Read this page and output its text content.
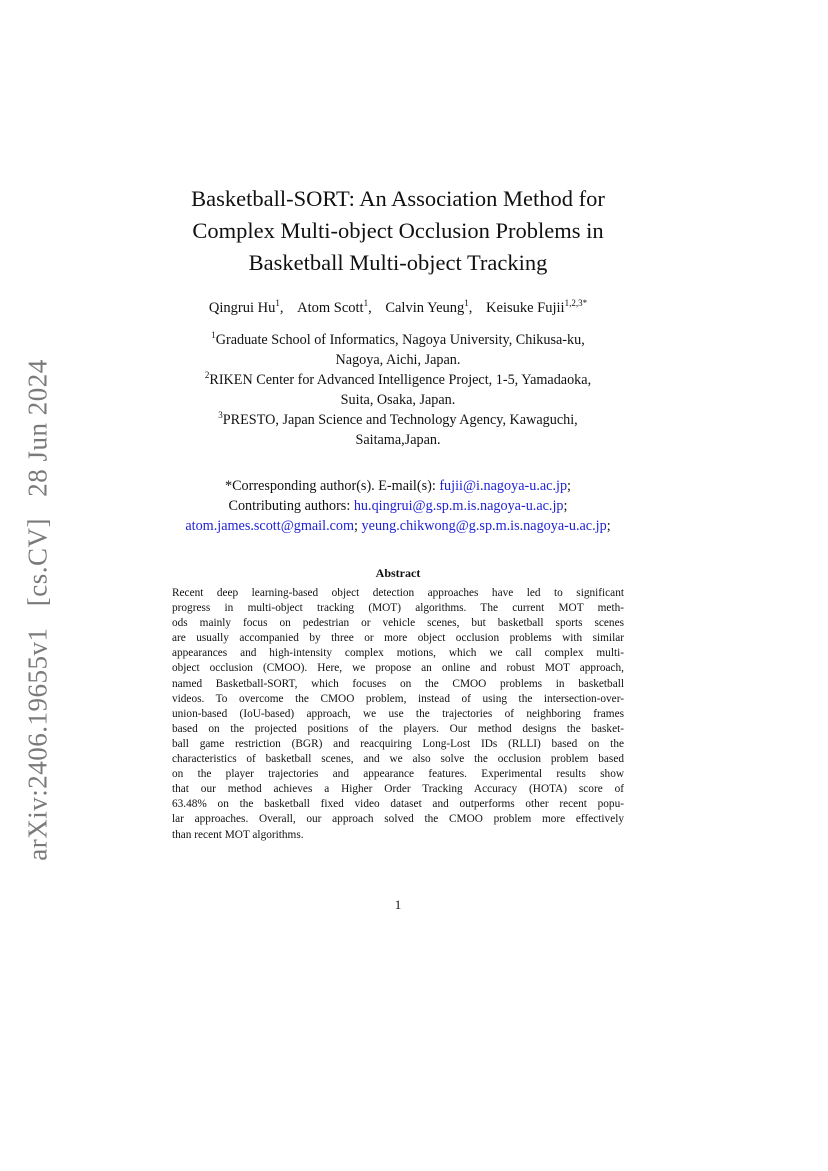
arXiv:2406.19655v1 [cs.CV] 28 Jun 2024
Basketball-SORT: An Association Method for
Complex Multi-object Occlusion Problems in
Basketball Multi-object Tracking
Qingrui Hu$^1$, Atom Scott$^1$, Calvin Yeung$^1$, Keisuke Fujii$^{1,2,3*}$
$^1$Graduate School of Informatics, Nagoya University, Chikusa-ku,
Nagoya, Aichi, Japan.
$^2$RIKEN Center for Advanced Intelligence Project, 1-5, Yamadaoka,
Suita, Osaka, Japan.
$^3$PRESTO, Japan Science and Technology Agency, Kawaguchi,
Saitama,Japan.
*Corresponding author(s). E-mail(s): fujii@i.nagoya-u.ac.jp;
Contributing authors: hu.qingrui@g.sp.m.is.nagoya-u.ac.jp;
atom.james.scott@gmail.com; yeung.chikwong@g.sp.m.is.nagoya-u.ac.jp;
Abstract
Recent deep learning-based object detection approaches have led to significant
progress in multi-object tracking (MOT) algorithms. The current MOT meth-
ods mainly focus on pedestrian or vehicle scenes, but basketball sports scenes
are usually accompanied by three or more object occlusion problems with similar
appearances and high-intensity complex motions, which we call complex multi-
object occlusion (CMOO). Here, we propose an online and robust MOT approach,
named Basketball-SORT, which focuses on the CMOO problems in basketball
videos. To overcome the CMOO problem, instead of using the intersection-over-
union-based (IoU-based) approach, we use the trajectories of neighboring frames
based on the projected positions of the players. Our method designs the basket-
ball game restriction (BGR) and reacquiring Long-Lost IDs (RLLI) based on the
characteristics of basketball scenes, and we also solve the occlusion problem based
on the player trajectories and appearance features. Experimental results show
that our method achieves a Higher Order Tracking Accuracy (HOTA) score of
63.48% on the basketball fixed video dataset and outperforms other recent popu-
lar approaches. Overall, our approach solved the CMOO problem more effectively
than recent MOT algorithms.
1
